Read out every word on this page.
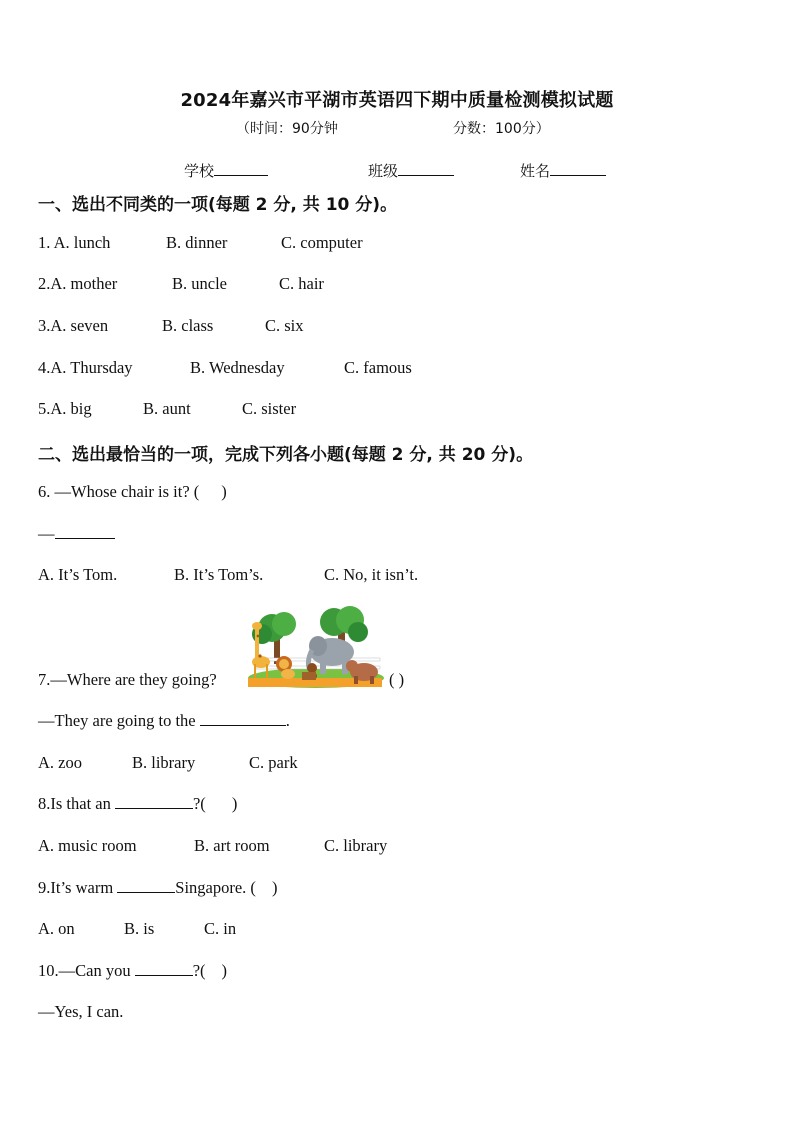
2024年嘉兴市平湖市英语四下期中质量检测模拟试题
（时间：90分钟	分数：100分）
学校	班级	姓名
一、选出不同类的一项(每题 2 分, 共 10 分)。
1. A. lunch	B. dinner	C. computer
2.A. mother	B. uncle	C. hair
3.A. seven	B. class	C. six
4.A. Thursday	B. Wednesday	C. famous
5.A. big	B. aunt	C. sister
二、选出最恰当的一项，完成下列各小题(每题 2 分, 共 20 分)。
6. —Whose chair is it? ( )
—
A. It’s Tom.	B. It’s Tom’s.	C. No, it isn’t.
7.—Where are they going?	( )
—They are going to the	.
A. zoo	B. library	C. park
8.Is that an	?( )
A. music room	B. art room	C. library
9.It’s warm	Singapore. ( )
A. on	B. is	C. in
10.—Can you	?( )
—Yes, I can.
